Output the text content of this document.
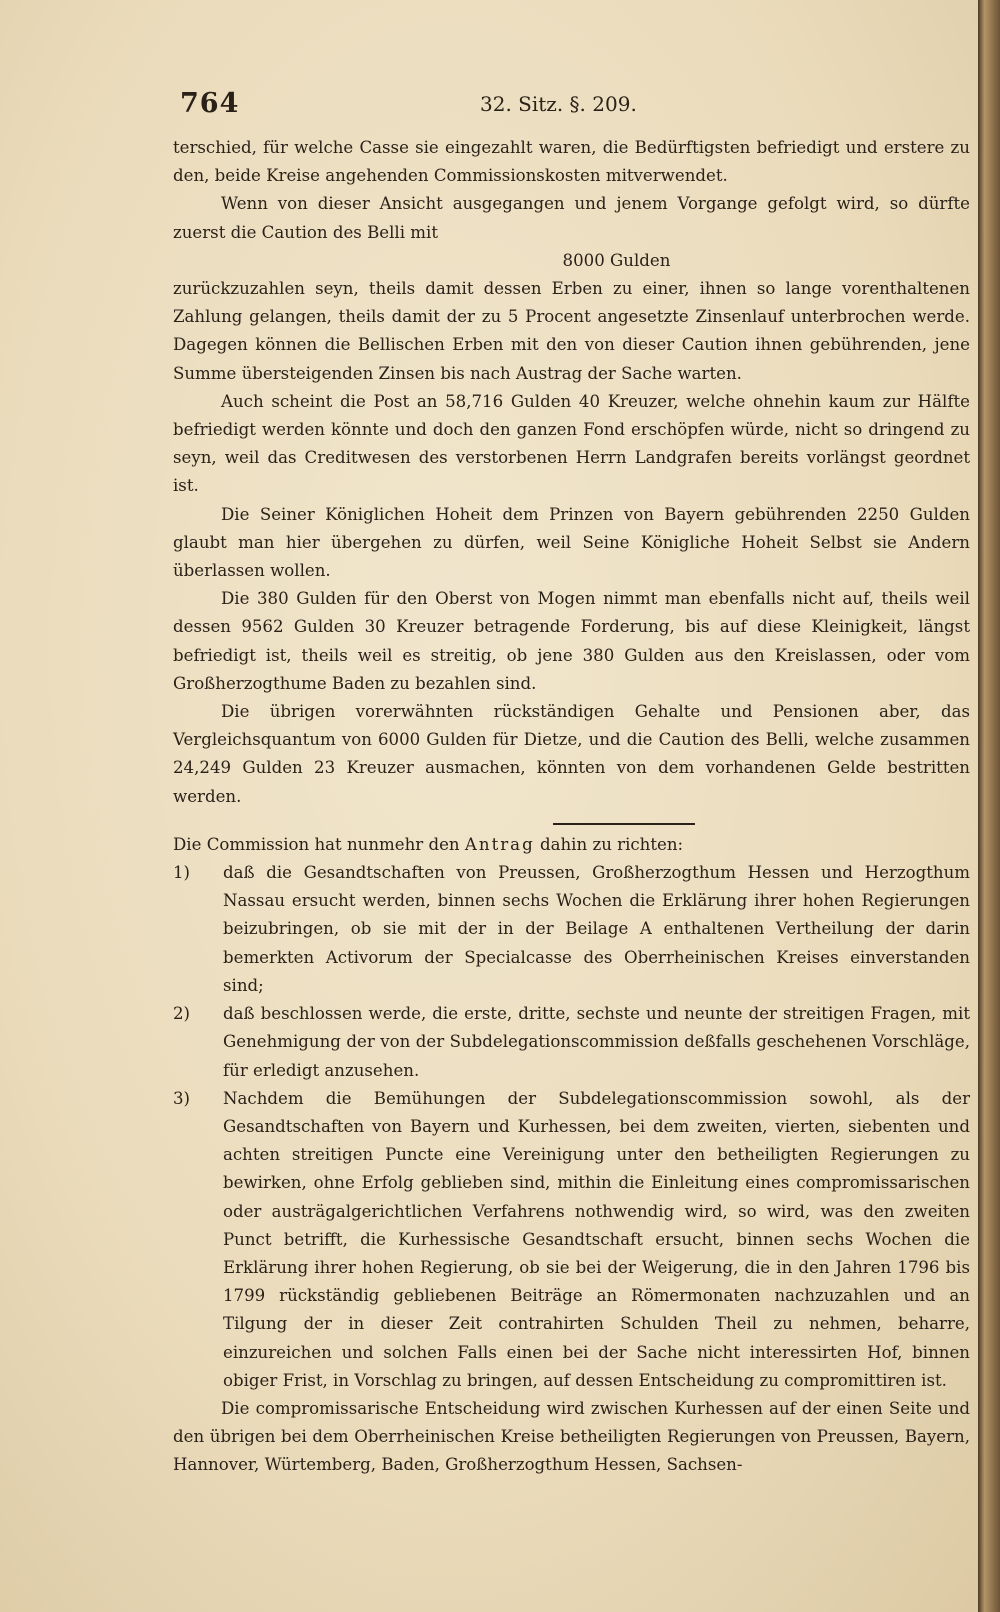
764	32. Sitz. §. 209.

terschied, für welche Casse sie eingezahlt waren, die Bedürftigsten befriedigt und erstere zu den, beide Kreise angehenden Commissionskosten mitverwendet.

Wenn von dieser Ansicht ausgegangen und jenem Vorgange gefolgt wird, so dürfte zuerst die Caution des Belli mit

8000 Gulden

zurückzuzahlen seyn, theils damit dessen Erben zu einer, ihnen so lange vorenthaltenen Zahlung gelangen, theils damit der zu 5 Procent angesetzte Zinsenlauf unterbrochen werde. Dagegen können die Bellischen Erben mit den von dieser Caution ihnen gebührenden, jene Summe übersteigenden Zinsen bis nach Austrag der Sache warten.

Auch scheint die Post an 58,716 Gulden 40 Kreuzer, welche ohnehin kaum zur Hälfte befriedigt werden könnte und doch den ganzen Fond erschöpfen würde, nicht so dringend zu seyn, weil das Creditwesen des verstorbenen Herrn Landgrafen bereits vorlängst geordnet ist.

Die Seiner Königlichen Hoheit dem Prinzen von Bayern gebührenden 2250 Gulden glaubt man hier übergehen zu dürfen, weil Seine Königliche Hoheit Selbst sie Andern überlassen wollen.

Die 380 Gulden für den Oberst von Mogen nimmt man ebenfalls nicht auf, theils weil dessen 9562 Gulden 30 Kreuzer betragende Forderung, bis auf diese Kleinigkeit, längst befriedigt ist, theils weil es streitig, ob jene 380 Gulden aus den Kreislassen, oder vom Großherzogthume Baden zu bezahlen sind.

Die übrigen vorerwähnten rückständigen Gehalte und Pensionen aber, das Vergleichsquantum von 6000 Gulden für Dietze, und die Caution des Belli, welche zusammen 24,249 Gulden 23 Kreuzer ausmachen, könnten von dem vorhandenen Gelde bestritten werden.

Die Commission hat nunmehr den Antrag dahin zu richten:

1)	daß die Gesandtschaften von Preussen, Großherzogthum Hessen und Herzogthum Nassau ersucht werden, binnen sechs Wochen die Erklärung ihrer hohen Regierungen beizubringen, ob sie mit der in der Beilage A enthaltenen Vertheilung der darin bemerkten Activorum der Specialcasse des Oberrheinischen Kreises einverstanden sind;
2)	daß beschlossen werde, die erste, dritte, sechste und neunte der streitigen Fragen, mit Genehmigung der von der Subdelegationscommission deßfalls geschehenen Vorschläge, für erledigt anzusehen.
3)	Nachdem die Bemühungen der Subdelegationscommission sowohl, als der Gesandtschaften von Bayern und Kurhessen, bei dem zweiten, vierten, siebenten und achten streitigen Puncte eine Vereinigung unter den betheiligten Regierungen zu bewirken, ohne Erfolg geblieben sind, mithin die Einleitung eines compromissarischen oder austrägalgerichtlichen Verfahrens nothwendig wird, so wird, was den zweiten Punct betrifft, die Kurhessische Gesandtschaft ersucht, binnen sechs Wochen die Erklärung ihrer hohen Regierung, ob sie bei der Weigerung, die in den Jahren 1796 bis 1799 rückständig gebliebenen Beiträge an Römermonaten nachzuzahlen und an Tilgung der in dieser Zeit contrahirten Schulden Theil zu nehmen, beharre, einzureichen und solchen Falls einen bei der Sache nicht interessirten Hof, binnen obiger Frist, in Vorschlag zu bringen, auf dessen Entscheidung zu compromittiren ist.

Die compromissarische Entscheidung wird zwischen Kurhessen auf der einen Seite und den übrigen bei dem Oberrheinischen Kreise betheiligten Regierungen von Preussen, Bayern, Hannover, Würtemberg, Baden, Großherzogthum Hessen, Sachsen-
